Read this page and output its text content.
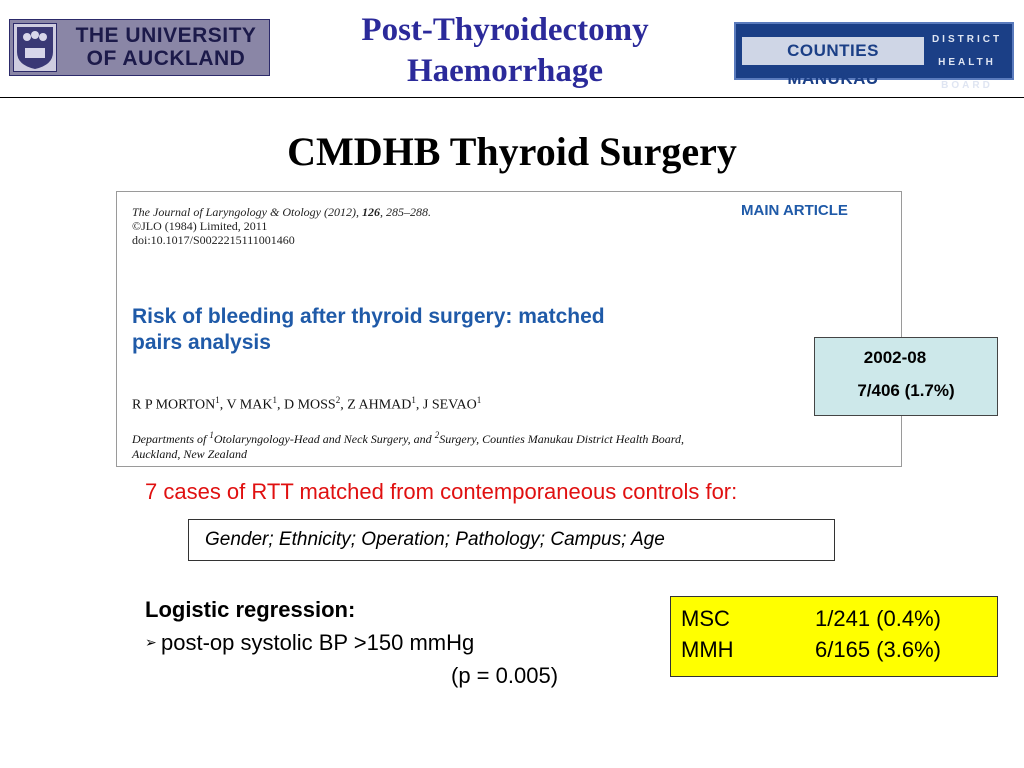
THE UNIVERSITY
OF AUCKLAND
Post-Thyroidectomy
Haemorrhage
COUNTIES MANUKAU
DISTRICT
HEALTH BOARD
CMDHB Thyroid Surgery
The Journal of Laryngology & Otology (2012), 126, 285–288.
©JLO (1984) Limited, 2011
doi:10.1017/S0022215111001460
MAIN ARTICLE
Risk of bleeding after thyroid surgery: matched
pairs analysis
R P MORTON$^1$, V MAK$^1$, D MOSS$^2$, Z AHMAD$^1$, J SEVAO$^1$
Departments of $^1$Otolaryngology-Head and Neck Surgery, and $^2$Surgery, Counties Manukau District Health Board,
Auckland, New Zealand
2002-08
7/406 (1.7%)
7 cases of RTT matched from contemporaneous controls for:
Gender; Ethnicity; Operation; Pathology; Campus; Age
Logistic regression:
➢ post-op systolic BP >150 mmHg
(p = 0.005)
MSC	1/241 (0.4%)
MMH	6/165 (3.6%)
